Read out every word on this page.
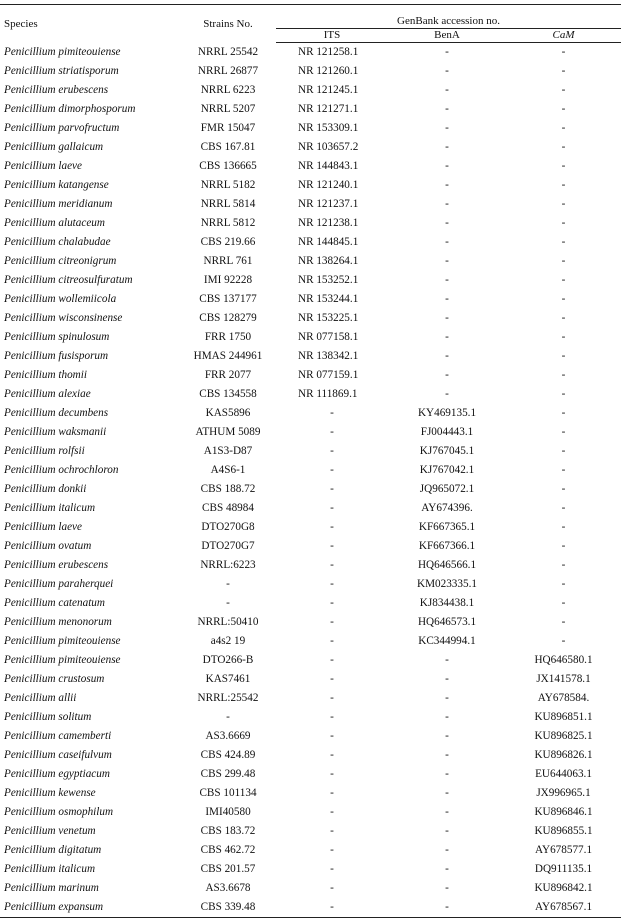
Species	Strains No.	GenBank accession no.		
		ITS	BenA	CaM
Penicillium pimiteouiense	NRRL 25542	NR 121258.1	-	-
Penicillium striatisporum	NRRL 26877	NR 121260.1	-	-
Penicillium erubescens	NRRL 6223	NR 121245.1	-	-
Penicillium dimorphosporum	NRRL 5207	NR 121271.1	-	-
Penicillium parvofructum	FMR 15047	NR 153309.1	-	-
Penicillium gallaicum	CBS 167.81	NR 103657.2	-	-
Penicillium laeve	CBS 136665	NR 144843.1	-	-
Penicillium katangense	NRRL 5182	NR 121240.1	-	-
Penicillium meridianum	NRRL 5814	NR 121237.1	-	-
Penicillium alutaceum	NRRL 5812	NR 121238.1	-	-
Penicillium chalabudae	CBS 219.66	NR 144845.1	-	-
Penicillium citreonigrum	NRRL 761	NR 138264.1	-	-
Penicillium citreosulfuratum	IMI 92228	NR 153252.1	-	-
Penicillium wollemiicola	CBS 137177	NR 153244.1	-	-
Penicillium wisconsinense	CBS 128279	NR 153225.1	-	-
Penicillium spinulosum	FRR 1750	NR 077158.1	-	-
Penicillium fusisporum	HMAS 244961	NR 138342.1	-	-
Penicillium thomii	FRR 2077	NR 077159.1	-	-
Penicillium alexiae	CBS 134558	NR 111869.1	-	-
Penicillium decumbens	KAS5896	-	KY469135.1	-
Penicillium waksmanii	ATHUM 5089	-	FJ004443.1	-
Penicillium rolfsii	A1S3-D87	-	KJ767045.1	-
Penicillium ochrochloron	A4S6-1	-	KJ767042.1	-
Penicillium donkii	CBS 188.72	-	JQ965072.1	-
Penicillium italicum	CBS 48984	-	AY674396.	-
Penicillium laeve	DTO270G8	-	KF667365.1	-
Penicillium ovatum	DTO270G7	-	KF667366.1	-
Penicillium erubescens	NRRL:6223	-	HQ646566.1	-
Penicillium paraherquei	-	-	KM023335.1	-
Penicillium catenatum	-	-	KJ834438.1	-
Penicillium menonorum	NRRL:50410	-	HQ646573.1	-
Penicillium pimiteouiense	a4s2 19	-	KC344994.1	-
Penicillium pimiteouiense	DTO266-B	-	-	HQ646580.1
Penicillium crustosum	KAS7461	-	-	JX141578.1
Penicillium allii	NRRL:25542	-	-	AY678584.
Penicillium solitum	-	-	-	KU896851.1
Penicillium camemberti	AS3.6669	-	-	KU896825.1
Penicillium caseifulvum	CBS 424.89	-	-	KU896826.1
Penicillium egyptiacum	CBS 299.48	-	-	EU644063.1
Penicillium kewense	CBS 101134	-	-	JX996965.1
Penicillium osmophilum	IMI40580	-	-	KU896846.1
Penicillium venetum	CBS 183.72	-	-	KU896855.1
Penicillium digitatum	CBS 462.72	-	-	AY678577.1
Penicillium italicum	CBS 201.57	-	-	DQ911135.1
Penicillium marinum	AS3.6678	-	-	KU896842.1
Penicillium expansum	CBS 339.48	-	-	AY678567.1
